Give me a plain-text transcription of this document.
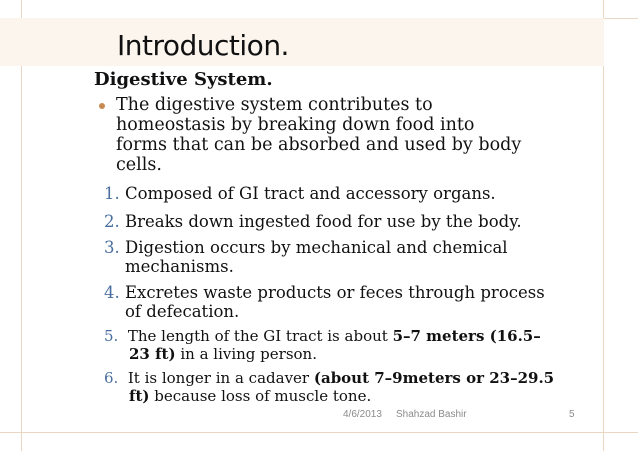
Introduction.
Digestive System.
The digestive system contributes to
homeostasis by breaking down food into
forms that can be absorbed and used by body
cells.
1. Composed of GI tract and accessory organs.
2. Breaks down ingested food for use by the body.
3. Digestion occurs by mechanical and chemical
mechanisms.
4. Excretes waste products or feces through process
of defecation.
5. The length of the GI tract is about 5–7 meters (16.5–
23 ft) in a living person.
6. It is longer in a cadaver (about 7–9meters or 23–29.5
ft) because loss of muscle tone.
4/6/2013 Shahzad Bashir	5
